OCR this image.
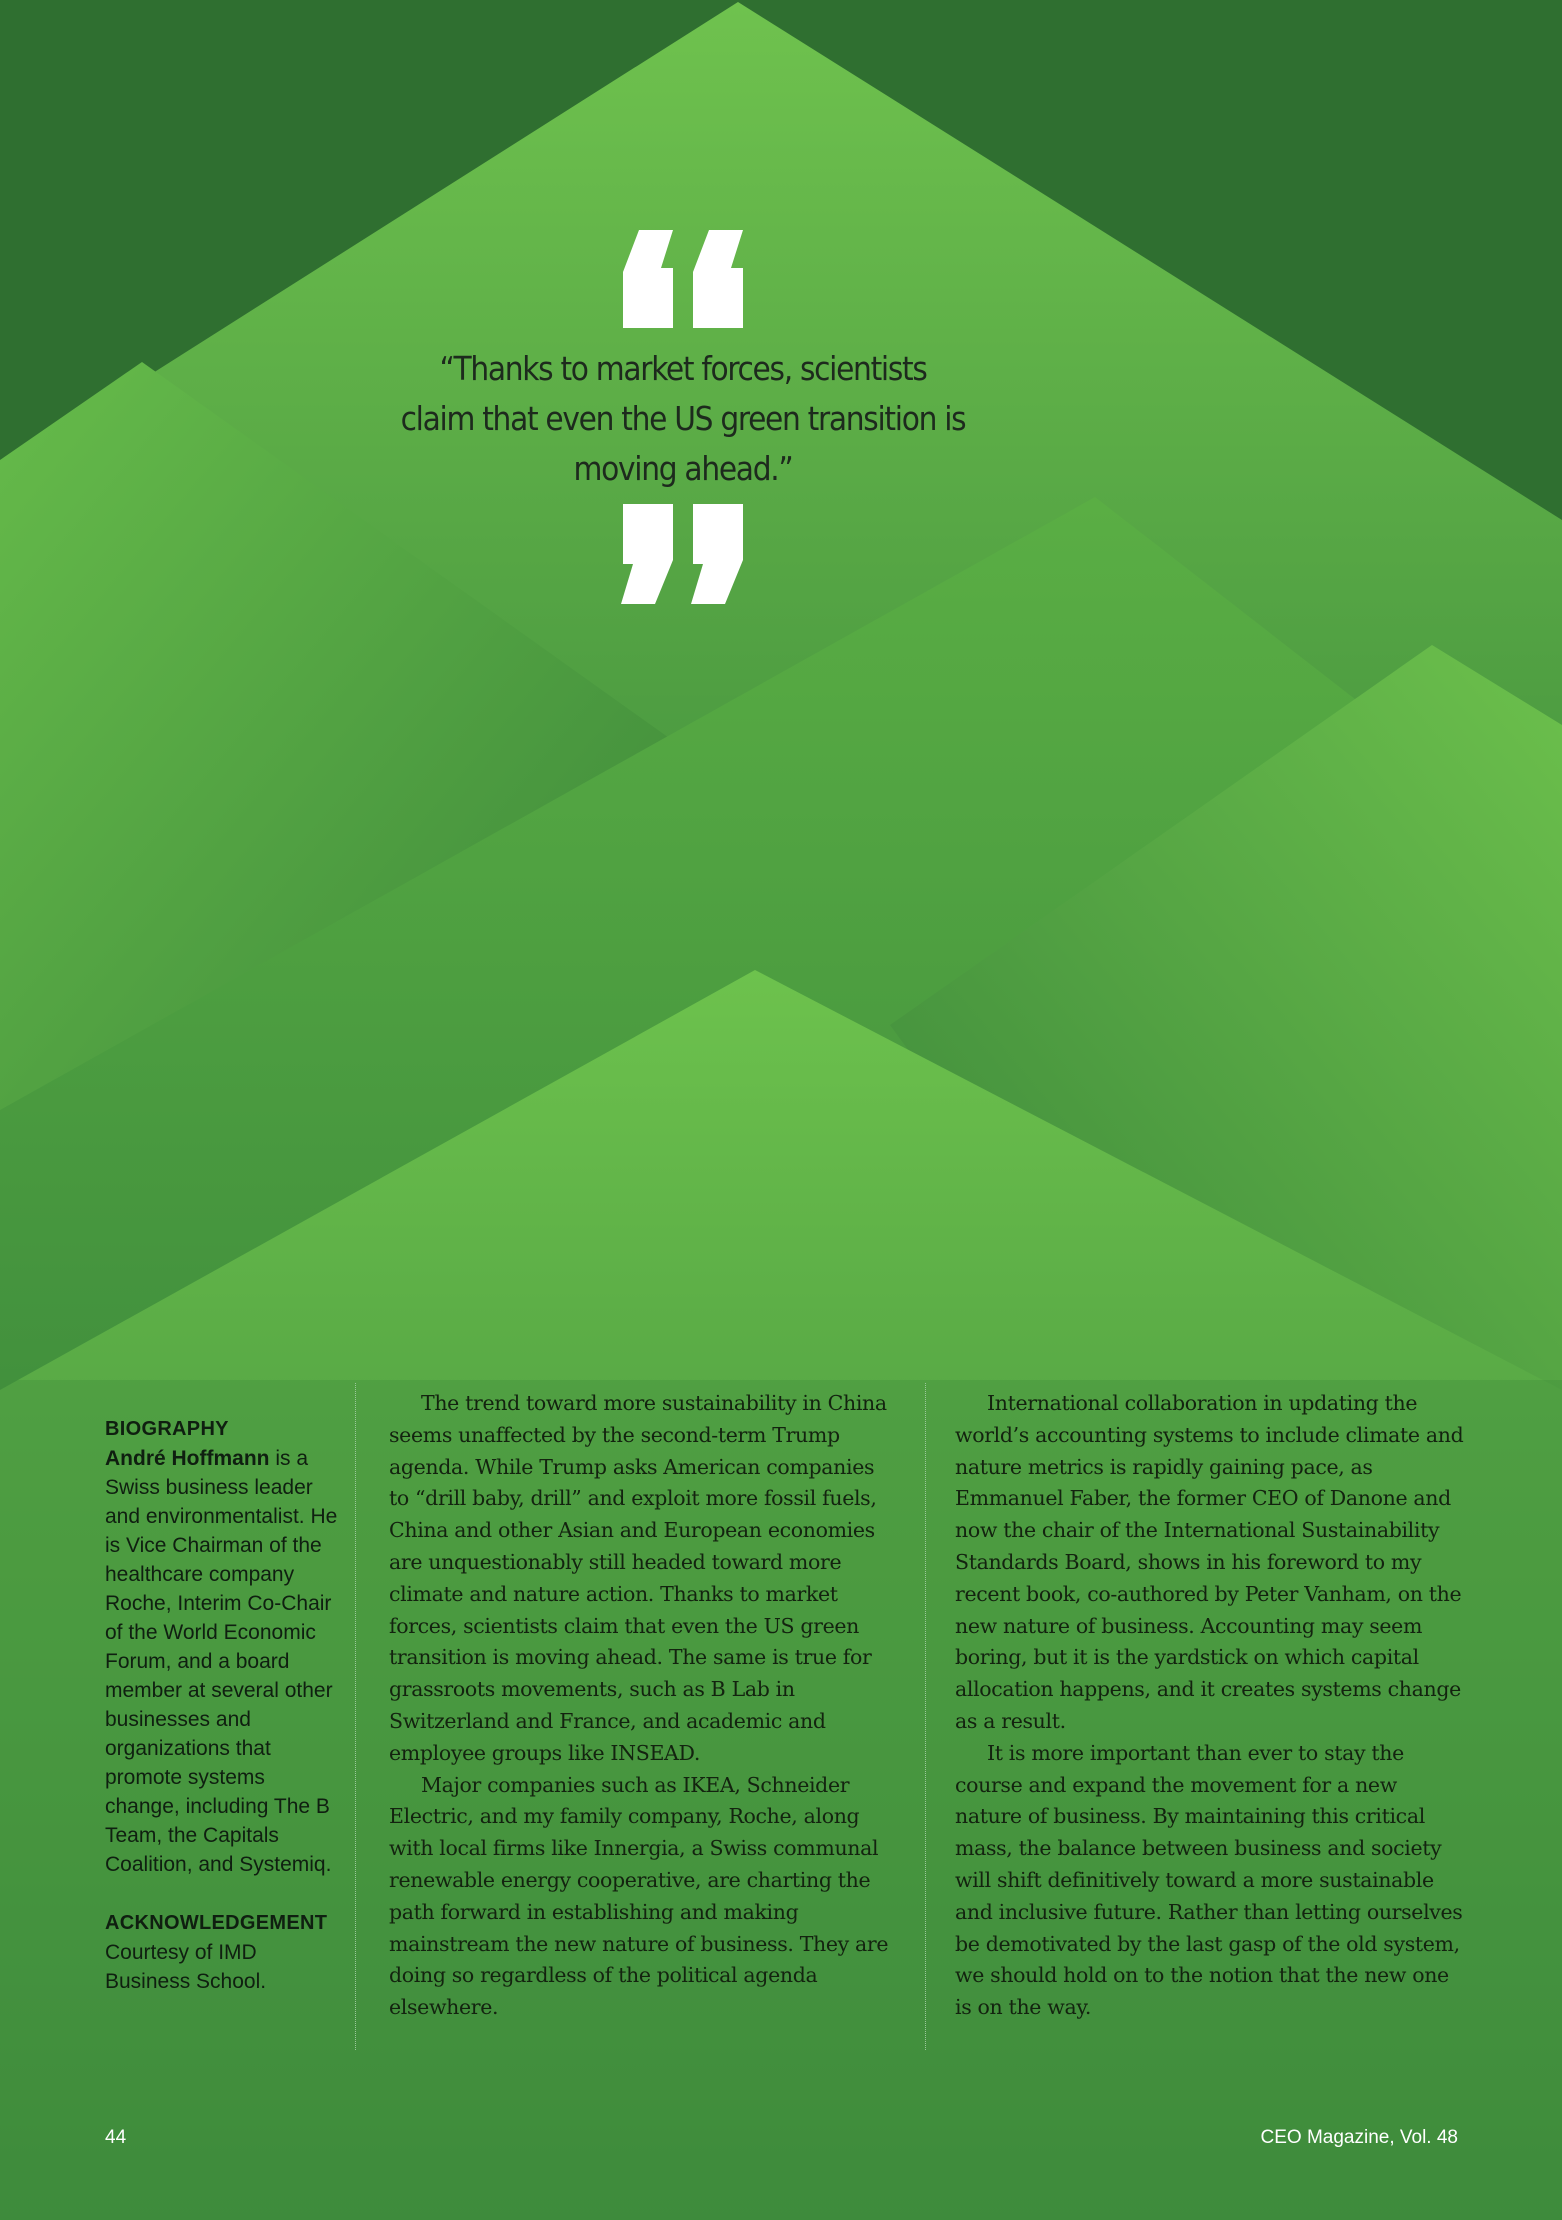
“Thanks to market forces, scientists claim that even the US green transition is moving ahead.”

BIOGRAPHY

André Hoffmann is a Swiss business leader and environmentalist. He is Vice Chairman of the healthcare company Roche, Interim Co-Chair of the World Economic Forum, and a board member at several other businesses and organizations that promote systems change, including The B Team, the Capitals Coalition, and Systemiq.

ACKNOWLEDGEMENT

Courtesy of IMD Business School.

The trend toward more sustainability in China seems unaffected by the second-term Trump agenda. While Trump asks American companies to “drill baby, drill” and exploit more fossil fuels, China and other Asian and European economies are unquestionably still headed toward more climate and nature action. Thanks to market forces, scientists claim that even the US green transition is moving ahead. The same is true for grassroots movements, such as B Lab in Switzerland and France, and academic and employee groups like INSEAD.

Major companies such as IKEA, Schneider Electric, and my family company, Roche, along with local firms like Innergia, a Swiss communal renewable energy cooperative, are charting the path forward in establishing and making mainstream the new nature of business. They are doing so regardless of the political agenda elsewhere.

International collaboration in updating the world’s accounting systems to include climate and nature metrics is rapidly gaining pace, as Emmanuel Faber, the former CEO of Danone and now the chair of the International Sustainability Standards Board, shows in his foreword to my recent book, co-authored by Peter Vanham, on the new nature of business. Accounting may seem boring, but it is the yardstick on which capital allocation happens, and it creates systems change as a result.

It is more important than ever to stay the course and expand the movement for a new nature of business. By maintaining this critical mass, the balance between business and society will shift definitively toward a more sustainable and inclusive future. Rather than letting ourselves be demotivated by the last gasp of the old system, we should hold on to the notion that the new one is on the way.

44	CEO Magazine, Vol. 48
